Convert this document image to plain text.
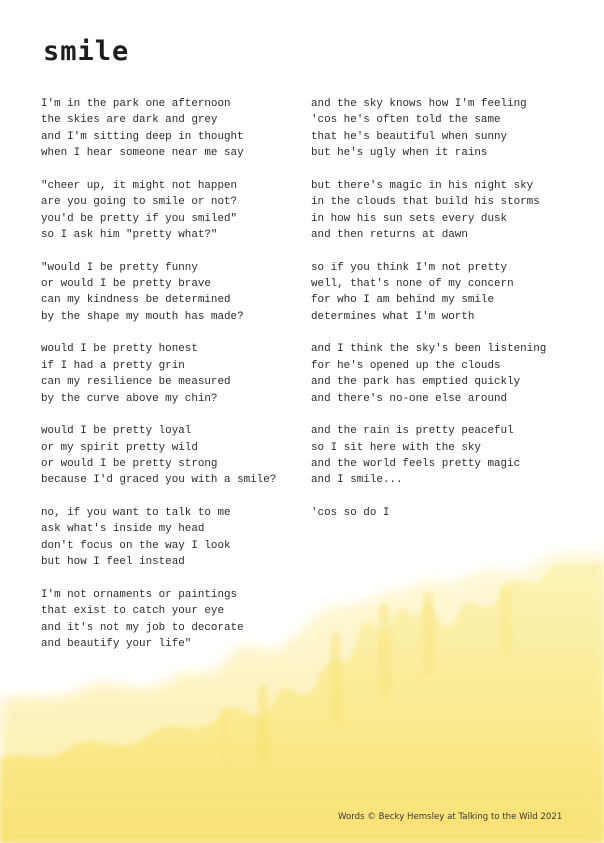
smile

I'm in the park one afternoon
the skies are dark and grey
and I'm sitting deep in thought
when I hear someone near me say

"cheer up, it might not happen
are you going to smile or not?
you'd be pretty if you smiled"
so I ask him "pretty what?"

"would I be pretty funny
or would I be pretty brave
can my kindness be determined
by the shape my mouth has made?

would I be pretty honest
if I had a pretty grin
can my resilience be measured
by the curve above my chin?

would I be pretty loyal
or my spirit pretty wild
or would I be pretty strong
because I'd graced you with a smile?

no, if you want to talk to me
ask what's inside my head
don't focus on the way I look
but how I feel instead

I'm not ornaments or paintings
that exist to catch your eye
and it's not my job to decorate
and beautify your life"

and the sky knows how I'm feeling
'cos he's often told the same
that he's beautiful when sunny
but he's ugly when it rains

but there's magic in his night sky
in the clouds that build his storms
in how his sun sets every dusk
and then returns at dawn

so if you think I'm not pretty
well, that's none of my concern
for who I am behind my smile
determines what I'm worth

and I think the sky's been listening
for he's opened up the clouds
and the park has emptied quickly
and there's no-one else around

and the rain is pretty peaceful
so I sit here with the sky
and the world feels pretty magic
and I smile...

'cos so do I

Words © Becky Hemsley at Talking to the Wild 2021
